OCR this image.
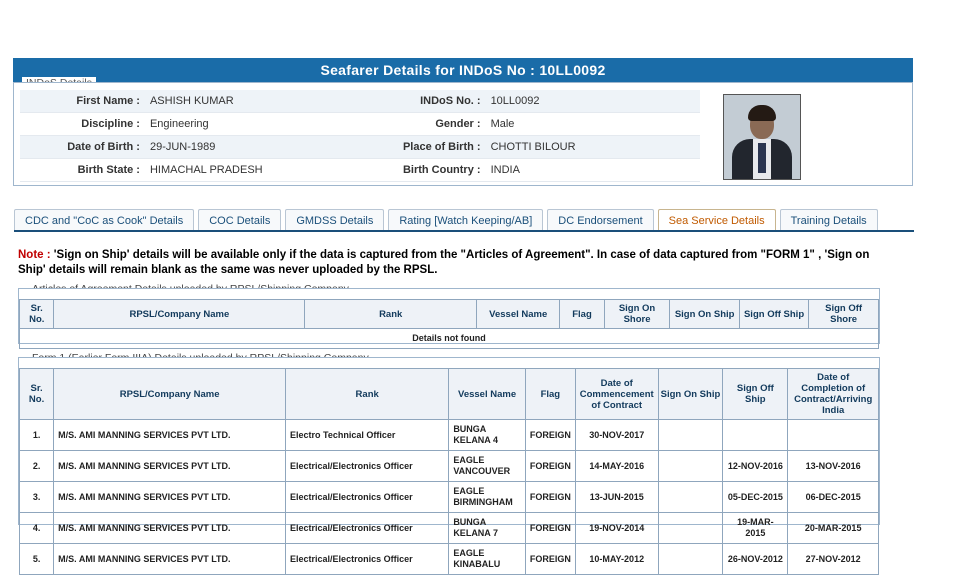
Seafarer Details for INDoS No : 10LL0092
First Name :	ASHISH KUMAR	INDoS No. :	10LL0092
Discipline :	Engineering	Gender :	Male
Date of Birth :	29-JUN-1989	Place of Birth :	CHOTTI BILOUR
Birth State :	HIMACHAL PRADESH	Birth Country :	INDIA
CDC and "CoC as Cook" Details	COC Details	GMDSS Details	Rating [Watch Keeping/AB]	DC Endorsement	Sea Service Details	Training Details
Note : 'Sign on Ship' details will be available only if the data is captured from the "Articles of Agreement". In case of data captured from "FORM 1" , 'Sign on Ship' details will remain blank as the same was never uploaded by the RPSL.
Sr. No.	RPSL/Company Name	Rank	Vessel Name	Flag	Sign On Shore	Sign On Ship	Sign Off Ship	Sign Off Shore
Details not found
Sr. No.	RPSL/Company Name	Rank	Vessel Name	Flag	Date of Commencement of Contract	Sign On Ship	Sign Off Ship	Date of Completion of Contract/Arriving India
1.	M/S. AMI MANNING SERVICES PVT LTD.	Electro Technical Officer	BUNGA KELANA 4	FOREIGN	30-NOV-2017			
2.	M/S. AMI MANNING SERVICES PVT LTD.	Electrical/Electronics Officer	EAGLE VANCOUVER	FOREIGN	14-MAY-2016		12-NOV-2016	13-NOV-2016
3.	M/S. AMI MANNING SERVICES PVT LTD.	Electrical/Electronics Officer	EAGLE BIRMINGHAM	FOREIGN	13-JUN-2015		05-DEC-2015	06-DEC-2015
4.	M/S. AMI MANNING SERVICES PVT LTD.	Electrical/Electronics Officer	BUNGA KELANA 7	FOREIGN	19-NOV-2014		19-MAR-2015	20-MAR-2015
5.	M/S. AMI MANNING SERVICES PVT LTD.	Electrical/Electronics Officer	EAGLE KINABALU	FOREIGN	10-MAY-2012		26-NOV-2012	27-NOV-2012
